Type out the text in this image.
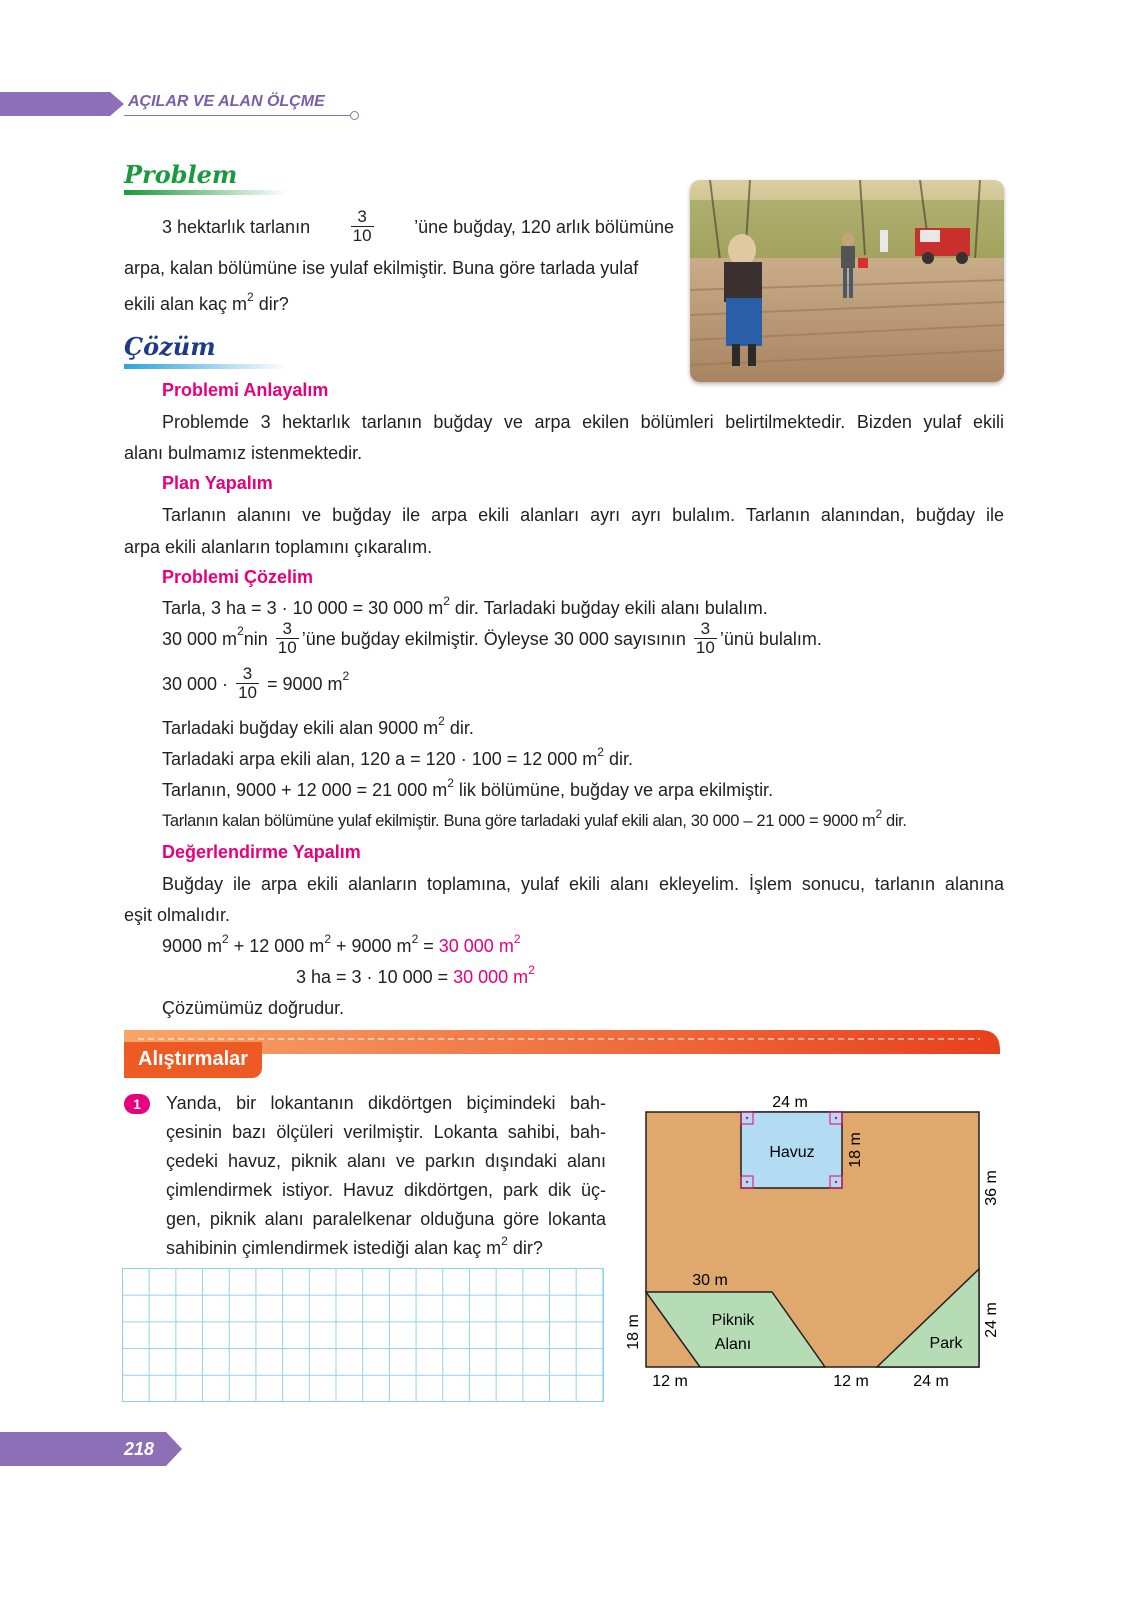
AÇILAR VE ALAN ÖLÇME
Problem
3 hektarlık tarlanın $\frac{3}{10}$ ’üne buğday, 120 arlık bölümüne
arpa, kalan bölümüne ise yulaf ekilmiştir. Buna göre tarlada yulaf
ekili alan kaç $m^2$ dir?
Çözüm
Problemi Anlayalım
Problemde 3 hektarlık tarlanın buğday ve arpa ekilen bölümleri belirtilmektedir. Bizden yulaf ekili
alanı bulmamız istenmektedir.
Plan Yapalım
Tarlanın alanını ve buğday ile arpa ekili alanları ayrı ayrı bulalım. Tarlanın alanından, buğday ile
arpa ekili alanların toplamını çıkaralım.
Problemi Çözelim
Tarla, 3 ha = 3 · 10 000 = 30 000 $m^2$ dir. Tarladaki buğday ekili alanı bulalım.
30 000 $m^2$ nin $\frac{3}{10}$ ’üne buğday ekilmiştir. Öyleyse 30 000 sayısının $\frac{3}{10}$ ’ünü bulalım.
30 $000 \cdot \frac{3}{10} = 9000$ $m^2$
Tarladaki buğday ekili alan 9000 $m^2$ dir.
Tarladaki arpa ekili alan, 120 a = 120 · 100 = 12 000 $m^2$ dir.
Tarlanın, 9000 + 12 000 = 21 000 $m^2$ lik bölümüne, buğday ve arpa ekilmiştir.
Tarlanın kalan bölümüne yulaf ekilmiştir. Buna göre tarladaki yulaf ekili alan, 30 000 – 21 000 = 9000 $m^2$ dir.
Değerlendirme Yapalım
Buğday ile arpa ekili alanların toplamına, yulaf ekili alanı ekleyelim. İşlem sonucu, tarlanın alanına
eşit olmalıdır.
9000 $m^2 + 12$ 000 $m^2 + 9000$ $m^2 = 30$ 000 $m^2$
3 ha = 3 · 10 000 = 30 000 $m^2$
Çözümümüz doğrudur.
Alıştırmalar
1	Yanda, bir lokantanın dikdörtgen biçimindeki bah-
çesinin bazı ölçüleri verilmiştir. Lokanta sahibi, bah-
çedeki havuz, piknik alanı ve parkın dışındaki alanı
çimlendirmek istiyor. Havuz dikdörtgen, park dik üç-
gen, piknik alanı paralelkenar olduğuna göre lokanta
sahibinin çimlendirmek istediği alan kaç $m^2$ dir?
24 m
Havuz 18 m
36 m
30 m
Piknik
Alanı
18 m	Park
24 m
12 m	12 m	24 m
218
